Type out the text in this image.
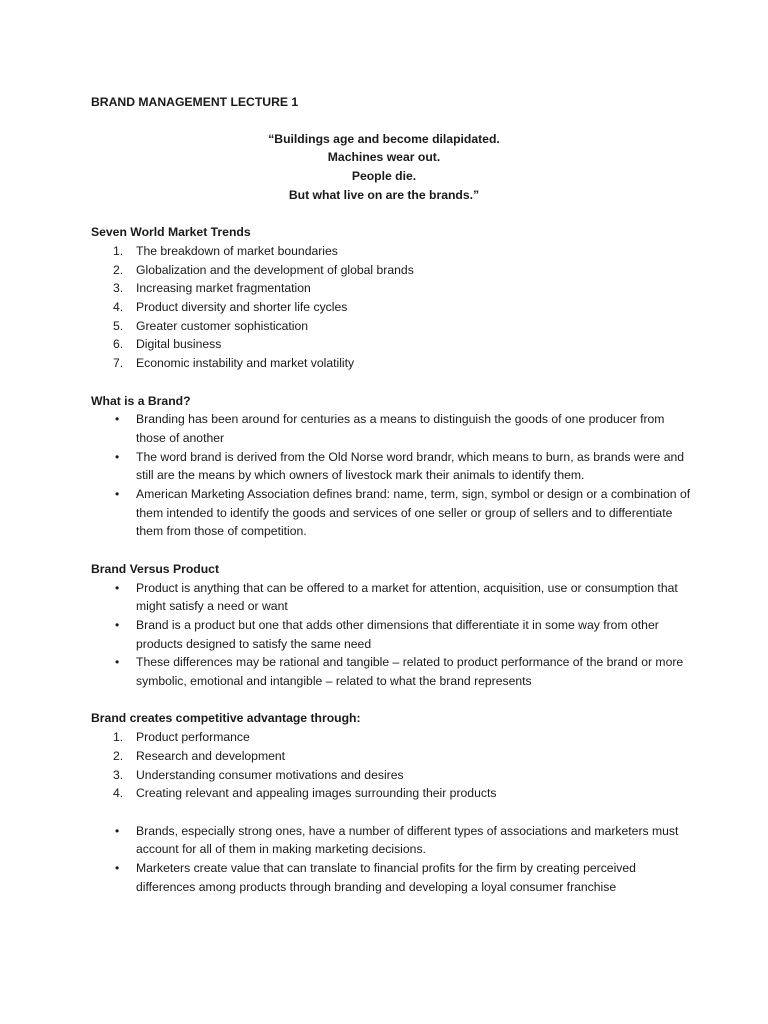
BRAND MANAGEMENT LECTURE 1
“Buildings age and become dilapidated.
Machines wear out.
People die.
But what live on are the brands.”
Seven World Market Trends
1. The breakdown of market boundaries
2. Globalization and the development of global brands
3. Increasing market fragmentation
4. Product diversity and shorter life cycles
5. Greater customer sophistication
6. Digital business
7. Economic instability and market volatility
What is a Brand?
• Branding has been around for centuries as a means to distinguish the goods of one producer from those of another
• The word brand is derived from the Old Norse word brandr, which means to burn, as brands were and still are the means by which owners of livestock mark their animals to identify them.
• American Marketing Association defines brand: name, term, sign, symbol or design or a combination of them intended to identify the goods and services of one seller or group of sellers and to differentiate them from those of competition.
Brand Versus Product
• Product is anything that can be offered to a market for attention, acquisition, use or consumption that might satisfy a need or want
• Brand is a product but one that adds other dimensions that differentiate it in some way from other products designed to satisfy the same need
• These differences may be rational and tangible – related to product performance of the brand or more symbolic, emotional and intangible – related to what the brand represents
Brand creates competitive advantage through:
1. Product performance
2. Research and development
3. Understanding consumer motivations and desires
4. Creating relevant and appealing images surrounding their products
• Brands, especially strong ones, have a number of different types of associations and marketers must account for all of them in making marketing decisions.
• Marketers create value that can translate to financial profits for the firm by creating perceived differences among products through branding and developing a loyal consumer franchise
